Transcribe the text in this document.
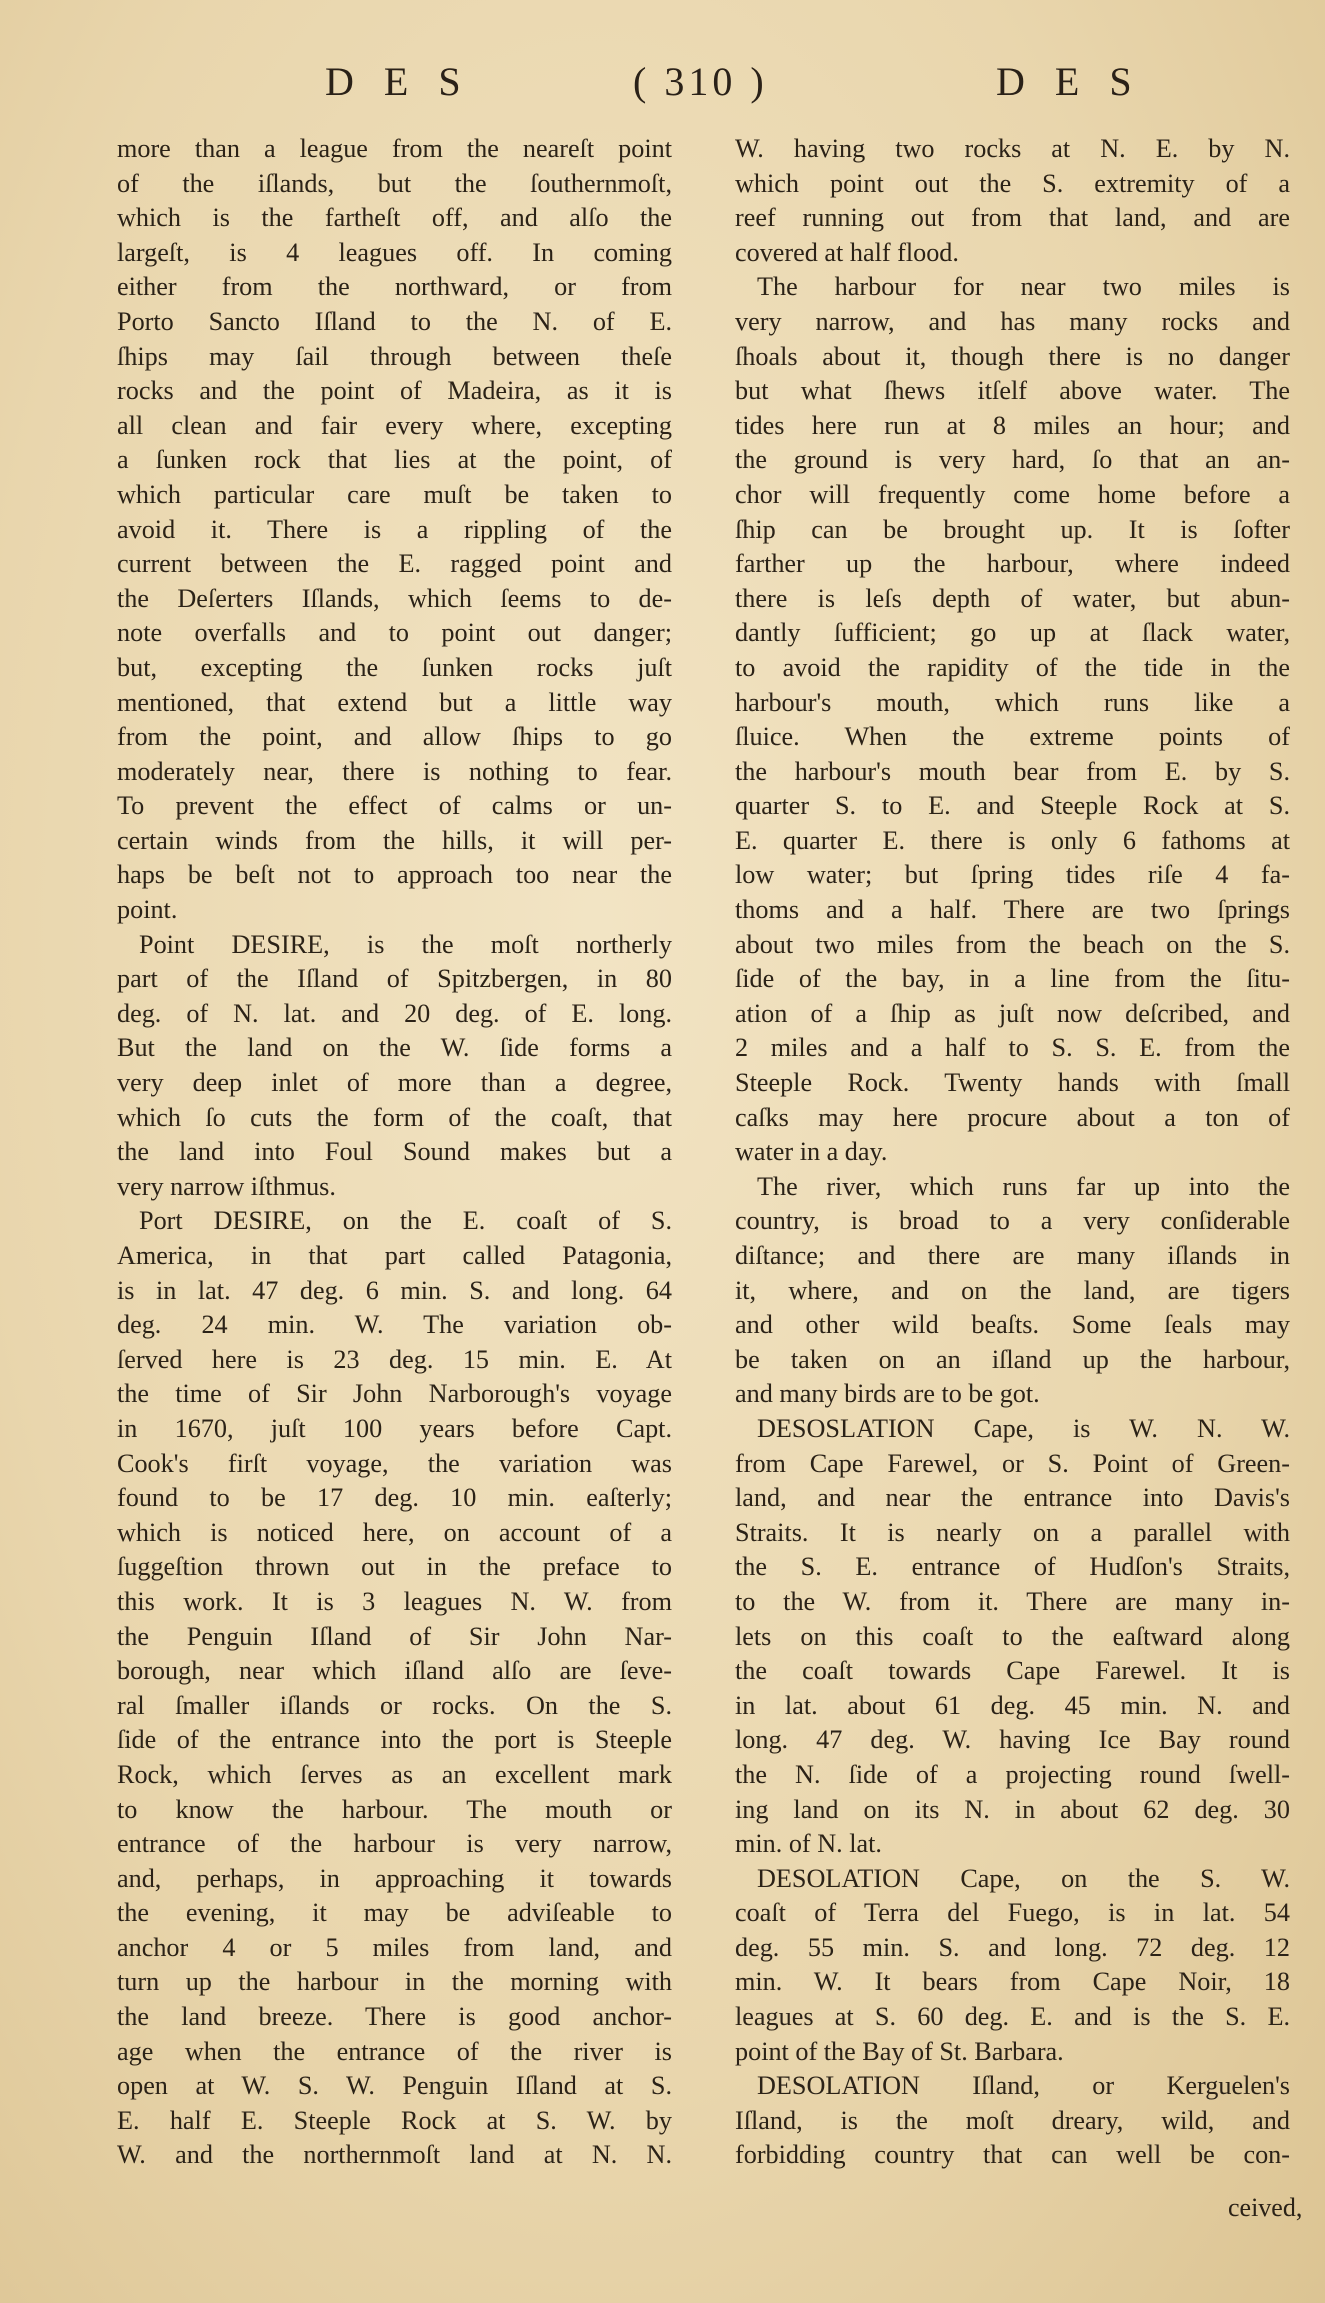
D E S	( 310 )	D E S
more than a league from the neareſt point
of the iſlands, but the ſouthernmoſt,
which is the fartheſt off, and alſo the
largeſt, is 4 leagues off. In coming
either from the northward, or from
Porto Sancto Iſland to the N. of E.
ſhips may ſail through between theſe
rocks and the point of Madeira, as it is
all clean and fair every where, excepting
a ſunken rock that lies at the point, of
which particular care muſt be taken to
avoid it. There is a rippling of the
current between the E. ragged point and
the Deſerters Iſlands, which ſeems to de-
note overfalls and to point out danger;
but, excepting the ſunken rocks juſt
mentioned, that extend but a little way
from the point, and allow ſhips to go
moderately near, there is nothing to fear.
To prevent the effect of calms or un-
certain winds from the hills, it will per-
haps be beſt not to approach too near the
point.
Point DESIRE, is the moſt northerly
part of the Iſland of Spitzbergen, in 80
deg. of N. lat. and 20 deg. of E. long.
But the land on the W. ſide forms a
very deep inlet of more than a degree,
which ſo cuts the form of the coaſt, that
the land into Foul Sound makes but a
very narrow iſthmus.
Port DESIRE, on the E. coaſt of S.
America, in that part called Patagonia,
is in lat. 47 deg. 6 min. S. and long. 64
deg. 24 min. W. The variation ob-
ſerved here is 23 deg. 15 min. E. At
the time of Sir John Narborough's voyage
in 1670, juſt 100 years before Capt.
Cook's firſt voyage, the variation was
found to be 17 deg. 10 min. eaſterly;
which is noticed here, on account of a
ſuggeſtion thrown out in the preface to
this work. It is 3 leagues N. W. from
the Penguin Iſland of Sir John Nar-
borough, near which iſland alſo are ſeve-
ral ſmaller iſlands or rocks. On the S.
ſide of the entrance into the port is Steeple
Rock, which ſerves as an excellent mark
to know the harbour. The mouth or
entrance of the harbour is very narrow,
and, perhaps, in approaching it towards
the evening, it may be adviſeable to
anchor 4 or 5 miles from land, and
turn up the harbour in the morning with
the land breeze. There is good anchor-
age when the entrance of the river is
open at W. S. W. Penguin Iſland at S.
E. half E. Steeple Rock at S. W. by
W. and the northernmoſt land at N. N.
W. having two rocks at N. E. by N.
which point out the S. extremity of a
reef running out from that land, and are
covered at half flood.
The harbour for near two miles is
very narrow, and has many rocks and
ſhoals about it, though there is no danger
but what ſhews itſelf above water. The
tides here run at 8 miles an hour; and
the ground is very hard, ſo that an an-
chor will frequently come home before a
ſhip can be brought up. It is ſofter
farther up the harbour, where indeed
there is leſs depth of water, but abun-
dantly ſufficient; go up at ſlack water,
to avoid the rapidity of the tide in the
harbour's mouth, which runs like a
ſluice. When the extreme points of
the harbour's mouth bear from E. by S.
quarter S. to E. and Steeple Rock at S.
E. quarter E. there is only 6 fathoms at
low water; but ſpring tides riſe 4 fa-
thoms and a half. There are two ſprings
about two miles from the beach on the S.
ſide of the bay, in a line from the ſitu-
ation of a ſhip as juſt now deſcribed, and
2 miles and a half to S. S. E. from the
Steeple Rock. Twenty hands with ſmall
caſks may here procure about a ton of
water in a day.
The river, which runs far up into the
country, is broad to a very conſiderable
diſtance; and there are many iſlands in
it, where, and on the land, are tigers
and other wild beaſts. Some ſeals may
be taken on an iſland up the harbour,
and many birds are to be got.
DESOSLATION Cape, is W. N. W.
from Cape Farewel, or S. Point of Green-
land, and near the entrance into Davis's
Straits. It is nearly on a parallel with
the S. E. entrance of Hudſon's Straits,
to the W. from it. There are many in-
lets on this coaſt to the eaſtward along
the coaſt towards Cape Farewel. It is
in lat. about 61 deg. 45 min. N. and
long. 47 deg. W. having Ice Bay round
the N. ſide of a projecting round ſwell-
ing land on its N. in about 62 deg. 30
min. of N. lat.
DESOLATION Cape, on the S. W.
coaſt of Terra del Fuego, is in lat. 54
deg. 55 min. S. and long. 72 deg. 12
min. W. It bears from Cape Noir, 18
leagues at S. 60 deg. E. and is the S. E.
point of the Bay of St. Barbara.
DESOLATION Iſland, or Kerguelen's
Iſland, is the moſt dreary, wild, and
forbidding country that can well be con-
ceived,
